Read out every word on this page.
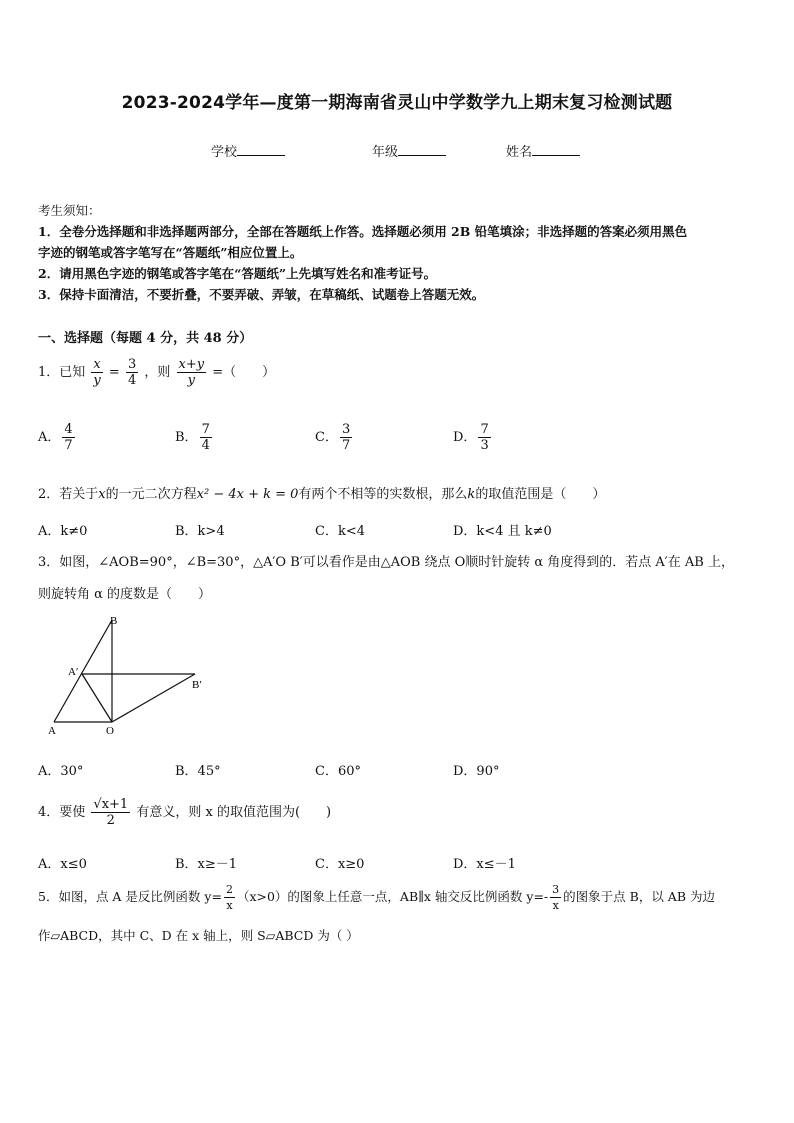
2023-2024学年—度第一期海南省灵山中学数学九上期末复习检测试题
学校	年级	姓名
考生须知：
1．全卷分选择题和非选择题两部分，全部在答题纸上作答。选择题必须用 2B 铅笔填涂；非选择题的答案必须用黑色
字迹的钢笔或答字笔写在“答题纸”相应位置上。
2．请用黑色字迹的钢笔或答字笔在“答题纸”上先填写姓名和准考证号。
3．保持卡面清洁，不要折叠，不要弄破、弄皱，在草稿纸、试题卷上答题无效。
一、选择题（每题 4 分，共 48 分）
1．已知 $\frac{x}{y} = \frac{3}{4}$ ，则 $\frac{x+y}{y}$ =（　　）
A． $\frac{4}{7}$	B． $\frac{7}{4}$	C． $\frac{3}{7}$	D． $\frac{7}{3}$
2．若关于x的一元二次方程x² − 4x + k = 0有两个不相等的实数根，那么k的取值范围是（　　）
A．k≠0	B．k>4	C．k<4	D．k<4 且 k≠0
3．如图，∠AOB=90°，∠B=30°，△A′O B′可以看作是由△AOB 绕点 O顺时针旋转 α 角度得到的．若点 A′在 AB 上，
则旋转角 α 的度数是（　　）
B
A′
B′
A	O
A．30°	B．45°	C．60°	D．90°
4．要使 $\frac{√x+1}{2}$ 有意义，则 x 的取值范围为(　　)
A．x≤0	B．x≥－1	C．x≥0	D．x≤－1
5．如图，点 A 是反比例函数 $y= \frac{2}{x} (x>0)$的图象上任意一点，AB∥x 轴交反比例函数 $y=- \frac{3}{x}$ 的图象于点 B，以 AB 为边
作▱ABCD，其中 C、D 在 x 轴上，则 S▱ABCD 为（ ）
